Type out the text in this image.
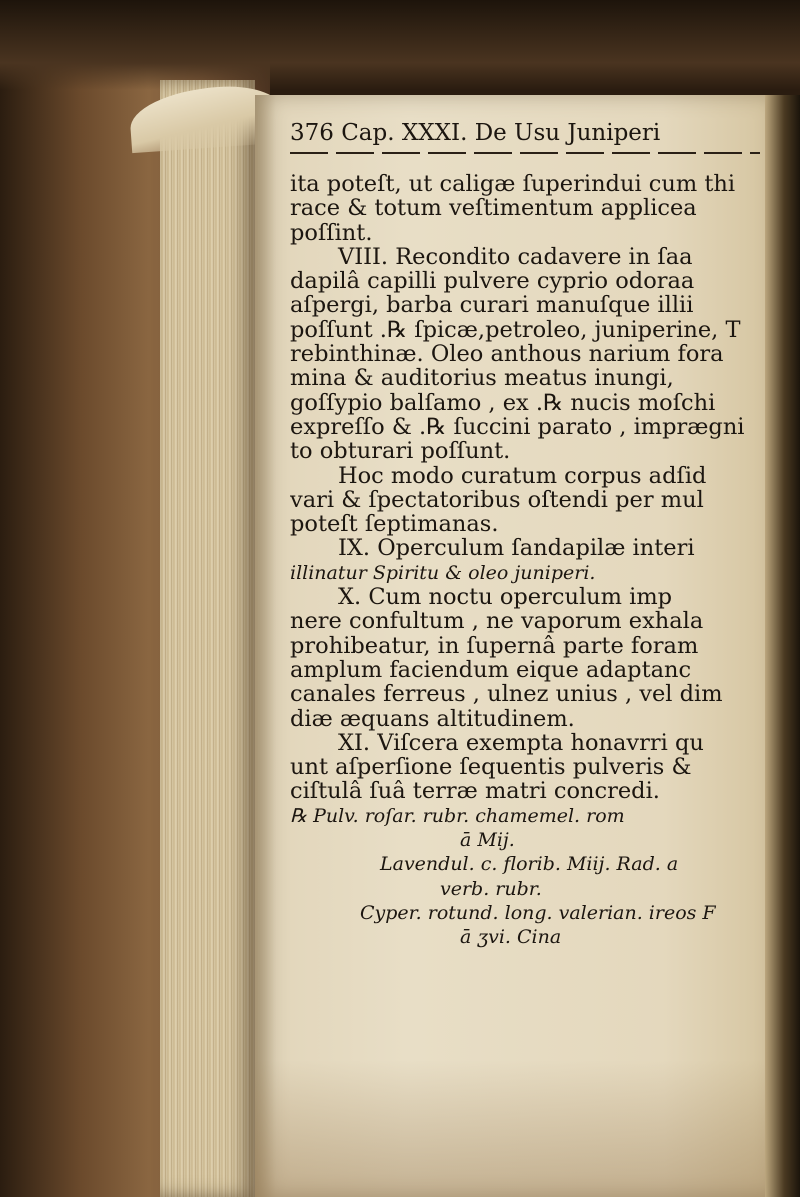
376 Cap. XXXI. De Usu Juniperi
ita poteſt, ut caligæ ſuperindui cum thi
race & totum veſtimentum applicea
poſſint.
VIII. Recondito cadavere in ſaa
dapilâ capilli pulvere cyprio odoraa
aſpergi, barba curari manuſque illii
poſſunt .℞ ſpicæ,petroleo, juniperine, T
rebinthinæ. Oleo anthous narium fora
mina & auditorius meatus inungi,
goſſypio balſamo , ex .℞ nucis moſchi
expreſſo & .℞ ſuccini parato , imprægni
to obturari poſſunt.
Hoc modo curatum corpus adſid
vari & ſpectatoribus oſtendi per mul
poteſt ſeptimanas.
IX. Operculum ſandapilæ interi
illinatur Spiritu & oleo juniperi.
X. Cum noctu operculum imp
nere confultum , ne vaporum exhala
prohibeatur, in ſupernâ parte foram
amplum faciendum eique adaptanc
canales ferreus , ulnez unius , vel dim
diæ æquans altitudinem.
XI. Viſcera exempta honavrri qu
unt aſperſione ſequentis pulveris &
ciſtulâ ſuâ terræ matri concredi.
℞ Pulv. roſar. rubr. chamemel. rom
ā Mij.
Lavendul. c. florib. Miij. Rad. a
verb. rubr.
Cyper. rotund. long. valerian. ireos F
ā ʒvi. Cina
